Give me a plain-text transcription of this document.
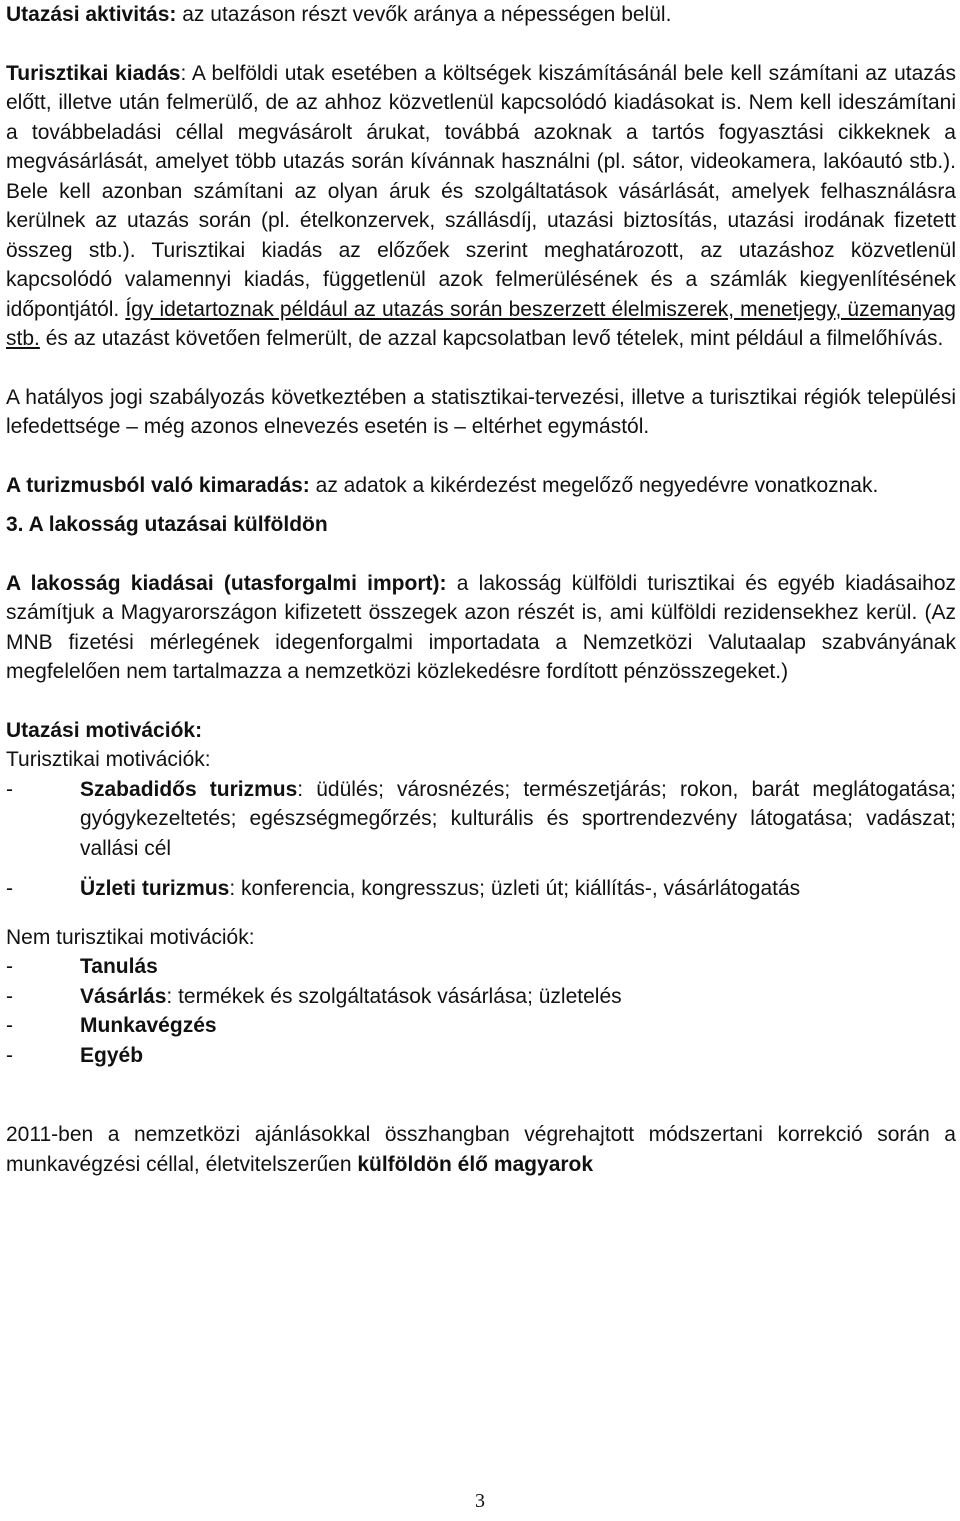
Utazási aktivitás: az utazáson részt vevők aránya a népességen belül.

Turisztikai kiadás: A belföldi utak esetében a költségek kiszámításánál bele kell számítani az utazás előtt, illetve után felmerülő, de az ahhoz közvetlenül kapcsolódó kiadásokat is. Nem kell ideszámítani a továbbeladási céllal megvásárolt árukat, továbbá azoknak a tartós fogyasztási cikkeknek a megvásárlását, amelyet több utazás során kívánnak használni (pl. sátor, videokamera, lakóautó stb.). Bele kell azonban számítani az olyan áruk és szolgáltatások vásárlását, amelyek felhasználásra kerülnek az utazás során (pl. ételkonzervek, szállásdíj, utazási biztosítás, utazási irodának fizetett összeg stb.). Turisztikai kiadás az előzőek szerint meghatározott, az utazáshoz közvetlenül kapcsolódó valamennyi kiadás, függetlenül azok felmerülésének és a számlák kiegyenlítésének időpontjától. Így idetartoznak például az utazás során beszerzett élelmiszerek, menetjegy, üzemanyag stb. és az utazást követően felmerült, de azzal kapcsolatban levő tételek, mint például a filmelőhívás.

A hatályos jogi szabályozás következtében a statisztikai-tervezési, illetve a turisztikai régiók települési lefedettsége – még azonos elnevezés esetén is – eltérhet egymástól.

A turizmusból való kimaradás: az adatok a kikérdezést megelőző negyedévre vonatkoznak.

3. A lakosság utazásai külföldön

A lakosság kiadásai (utasforgalmi import): a lakosság külföldi turisztikai és egyéb kiadásaihoz számítjuk a Magyarországon kifizetett összegek azon részét is, ami külföldi rezidensekhez kerül. (Az MNB fizetési mérlegének idegenforgalmi importadata a Nemzetközi Valutaalap szabványának megfelelően nem tartalmazza a nemzetközi közlekedésre fordított pénzösszegeket.)

Utazási motivációk:

Turisztikai motivációk:

-	Szabadidős turizmus: üdülés; városnézés; természetjárás; rokon, barát meglátogatása; gyógykezeltetés; egészségmegőrzés; kulturális és sportrendezvény látogatása; vadászat; vallási cél
-	Üzleti turizmus: konferencia, kongresszus; üzleti út; kiállítás-, vásárlátogatás

Nem turisztikai motivációk:

-	Tanulás
-	Vásárlás: termékek és szolgáltatások vásárlása; üzletelés
-	Munkavégzés
-	Egyéb

2011-ben a nemzetközi ajánlásokkal összhangban végrehajtott módszertani korrekció során a munkavégzési céllal, életvitelszerűen külföldön élő magyarok

3
